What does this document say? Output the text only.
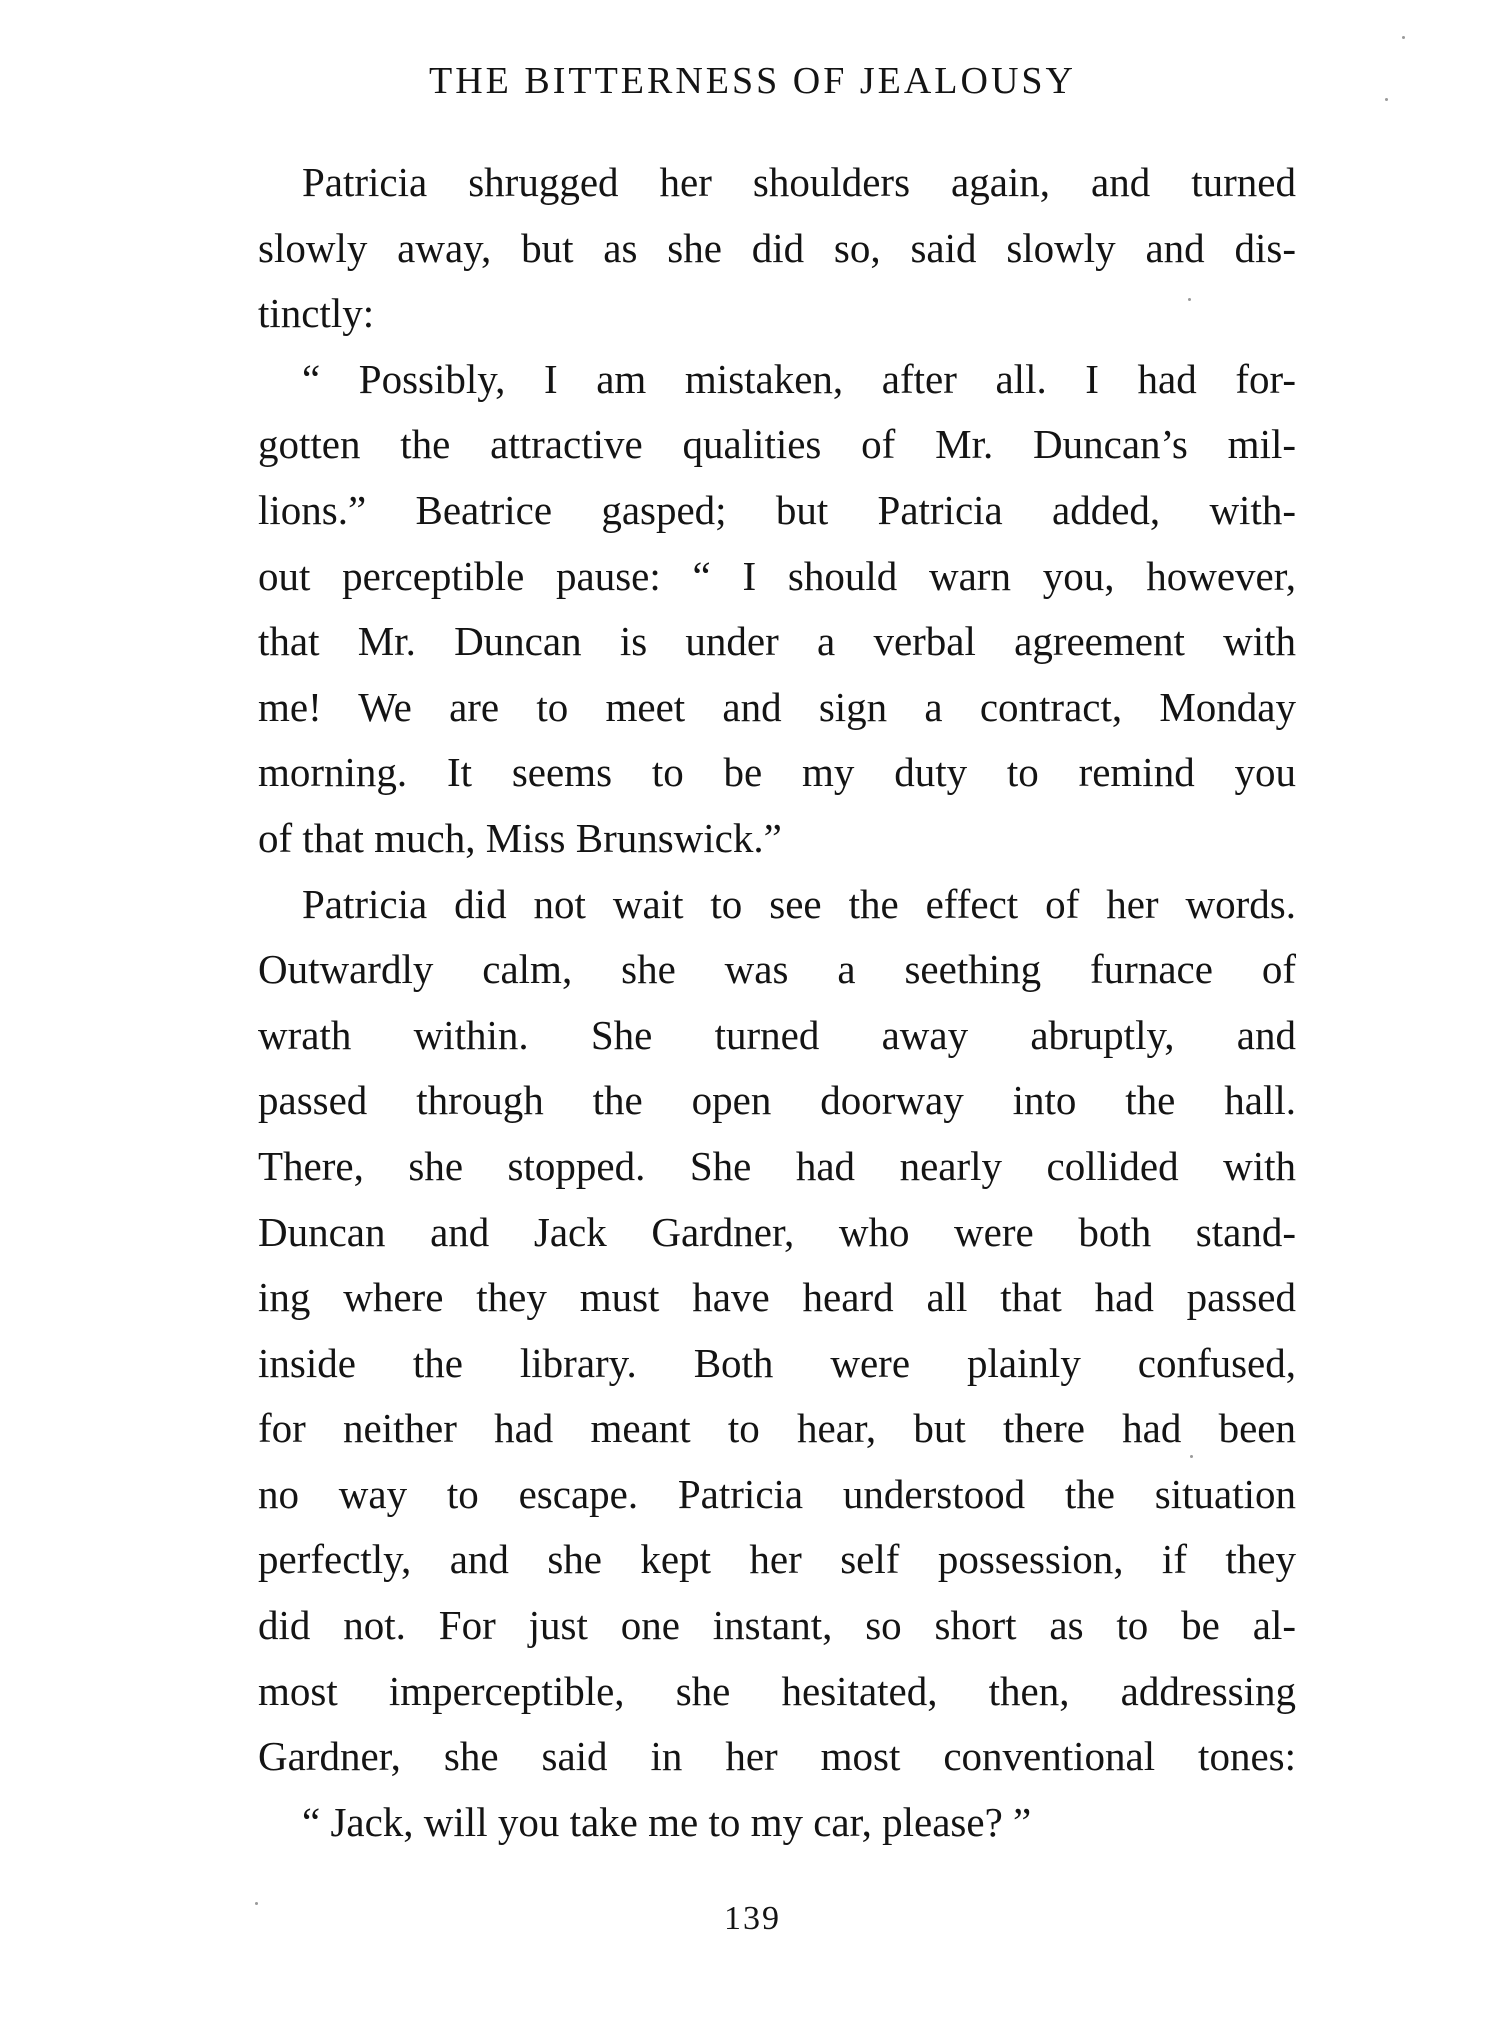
THE BITTERNESS OF JEALOUSY
Patricia shrugged her shoulders again, and turned
slowly away, but as she did so, said slowly and dis-
tinctly:
“ Possibly, I am mistaken, after all. I had for-
gotten the attractive qualities of Mr. Duncan’s mil-
lions.” Beatrice gasped; but Patricia added, with-
out perceptible pause: “ I should warn you, however,
that Mr. Duncan is under a verbal agreement with
me! We are to meet and sign a contract, Monday
morning. It seems to be my duty to remind you
of that much, Miss Brunswick.”
Patricia did not wait to see the effect of her words.
Outwardly calm, she was a seething furnace of
wrath within. She turned away abruptly, and
passed through the open doorway into the hall.
There, she stopped. She had nearly collided with
Duncan and Jack Gardner, who were both stand-
ing where they must have heard all that had passed
inside the library. Both were plainly confused,
for neither had meant to hear, but there had been
no way to escape. Patricia understood the situation
perfectly, and she kept her self possession, if they
did not. For just one instant, so short as to be al-
most imperceptible, she hesitated, then, addressing
Gardner, she said in her most conventional tones:
“ Jack, will you take me to my car, please? ”
139
